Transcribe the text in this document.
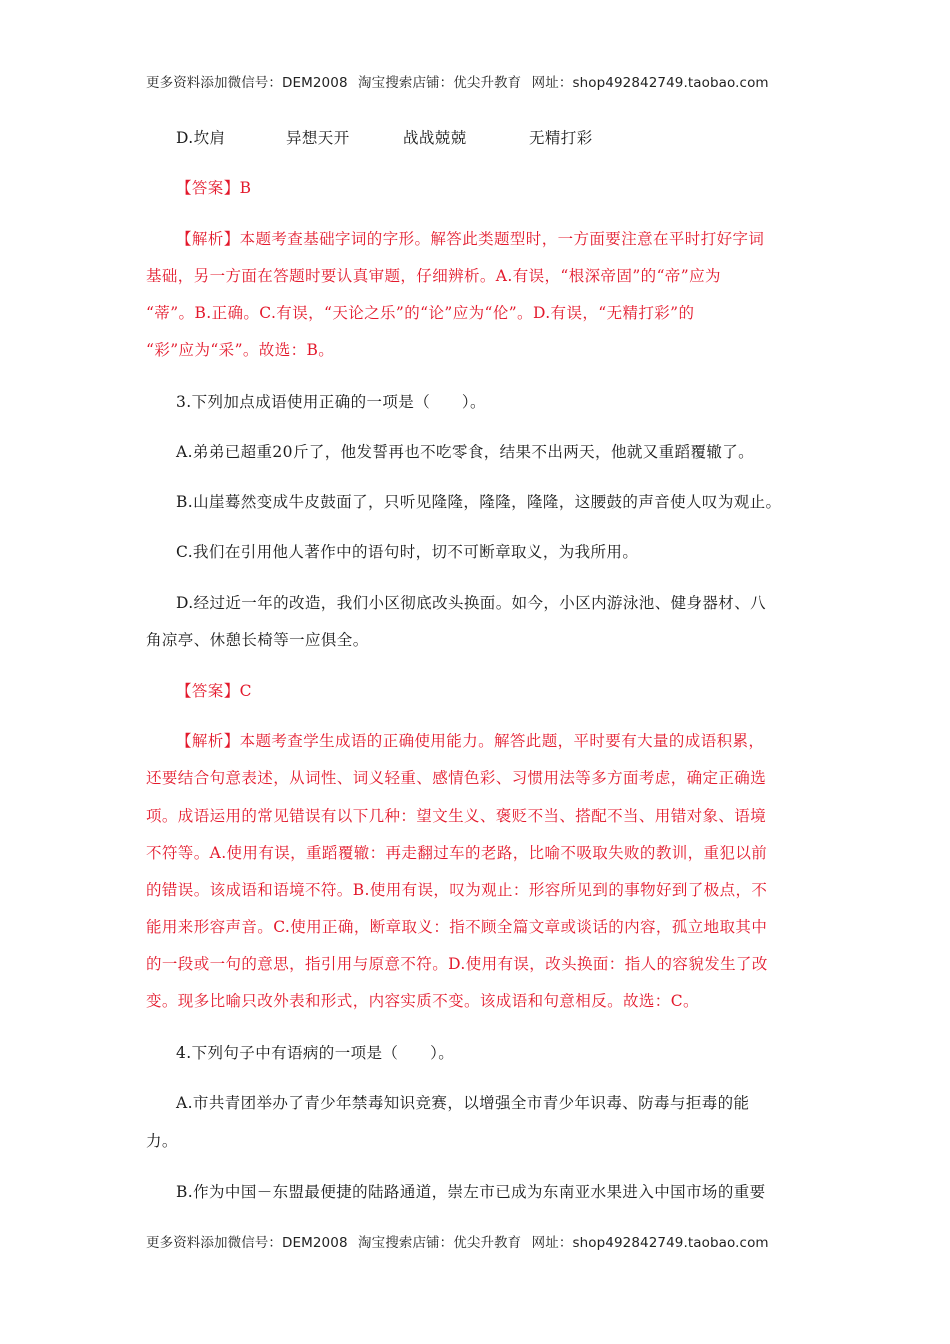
更多资料添加微信号：DEM2008 淘宝搜索店铺：优尖升教育 网址：shop492842749.taobao.com
D.坎肩	异想天开	战战兢兢	无精打彩
【答案】B
【解析】本题考查基础字词的字形。解答此类题型时，一方面要注意在平时打好字词
基础，另一方面在答题时要认真审题，仔细辨析。A.有误，“根深帝固”的“帝”应为
“蒂”。B.正确。C.有误，“天论之乐”的“论”应为“伦”。D.有误，“无精打彩”的
“彩”应为“采”。故选：B。
3.下列加点成语使用正确的一项是（　　）。
A.弟弟已超重20斤了，他发誓再也不吃零食，结果不出两天，他就又重蹈覆辙了。
B.山崖蓦然变成牛皮鼓面了，只听见隆隆，隆隆，隆隆，这腰鼓的声音使人叹为观止。
C.我们在引用他人著作中的语句时，切不可断章取义，为我所用。
D.经过近一年的改造，我们小区彻底改头换面。如今，小区内游泳池、健身器材、八
角凉亭、休憩长椅等一应俱全。
【答案】C
【解析】本题考查学生成语的正确使用能力。解答此题，平时要有大量的成语积累，
还要结合句意表述，从词性、词义轻重、感情色彩、习惯用法等多方面考虑，确定正确选
项。成语运用的常见错误有以下几种：望文生义、褒贬不当、搭配不当、用错对象、语境
不符等。A.使用有误，重蹈覆辙：再走翻过车的老路，比喻不吸取失败的教训，重犯以前
的错误。该成语和语境不符。B.使用有误，叹为观止：形容所见到的事物好到了极点，不
能用来形容声音。C.使用正确，断章取义：指不顾全篇文章或谈话的内容，孤立地取其中
的一段或一句的意思，指引用与原意不符。D.使用有误，改头换面：指人的容貌发生了改
变。现多比喻只改外表和形式，内容实质不变。该成语和句意相反。故选：C。
4.下列句子中有语病的一项是（　　）。
A.市共青团举办了青少年禁毒知识竞赛，以增强全市青少年识毒、防毒与拒毒的能
力。
B.作为中国－东盟最便捷的陆路通道，崇左市已成为东南亚水果进入中国市场的重要
更多资料添加微信号：DEM2008 淘宝搜索店铺：优尖升教育 网址：shop492842749.taobao.com
